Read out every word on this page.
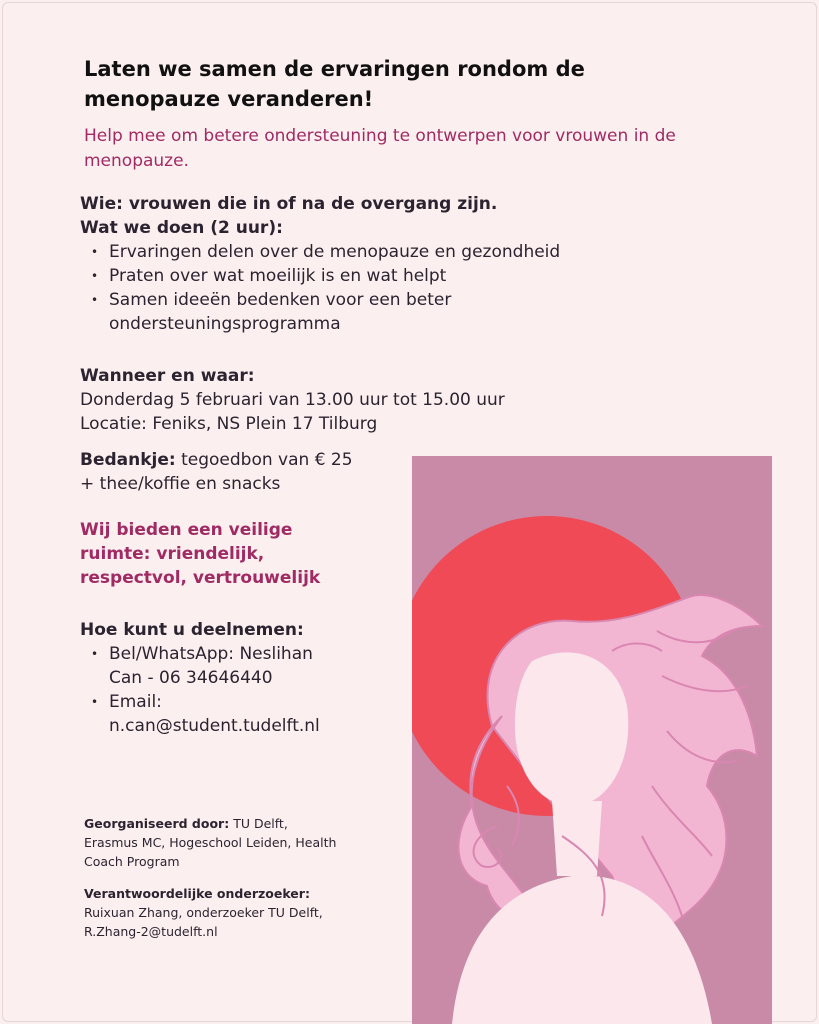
Laten we samen de ervaringen rondom de menopauze veranderen!

Help mee om betere ondersteuning te ontwerpen voor vrouwen in de menopauze.

Wie: vrouwen die in of na de overgang zijn.
Wat we doen (2 uur):
• Ervaringen delen over de menopauze en gezondheid
• Praten over wat moeilijk is en wat helpt
• Samen ideeën bedenken voor een beter ondersteuningsprogramma
Wanneer en waar:
Donderdag 5 februari van 13.00 uur tot 15.00 uur
Locatie: Feniks, NS Plein 17 Tilburg
Bedankje: tegoedbon van € 25 + thee/koffie en snacks
Wij bieden een veilige ruimte: vriendelijk, respectvol, vertrouwelijk
Hoe kunt u deelnemen:
• Bel/WhatsApp: Neslihan Can - 06 34646440
• Email: n.can@student.tudelft.nl
Georganiseerd door: TU Delft, Erasmus MC, Hogeschool Leiden, Health Coach Program
Verantwoordelijke onderzoeker:
Ruixuan Zhang, onderzoeker TU Delft,
R.Zhang-2@tudelft.nl
